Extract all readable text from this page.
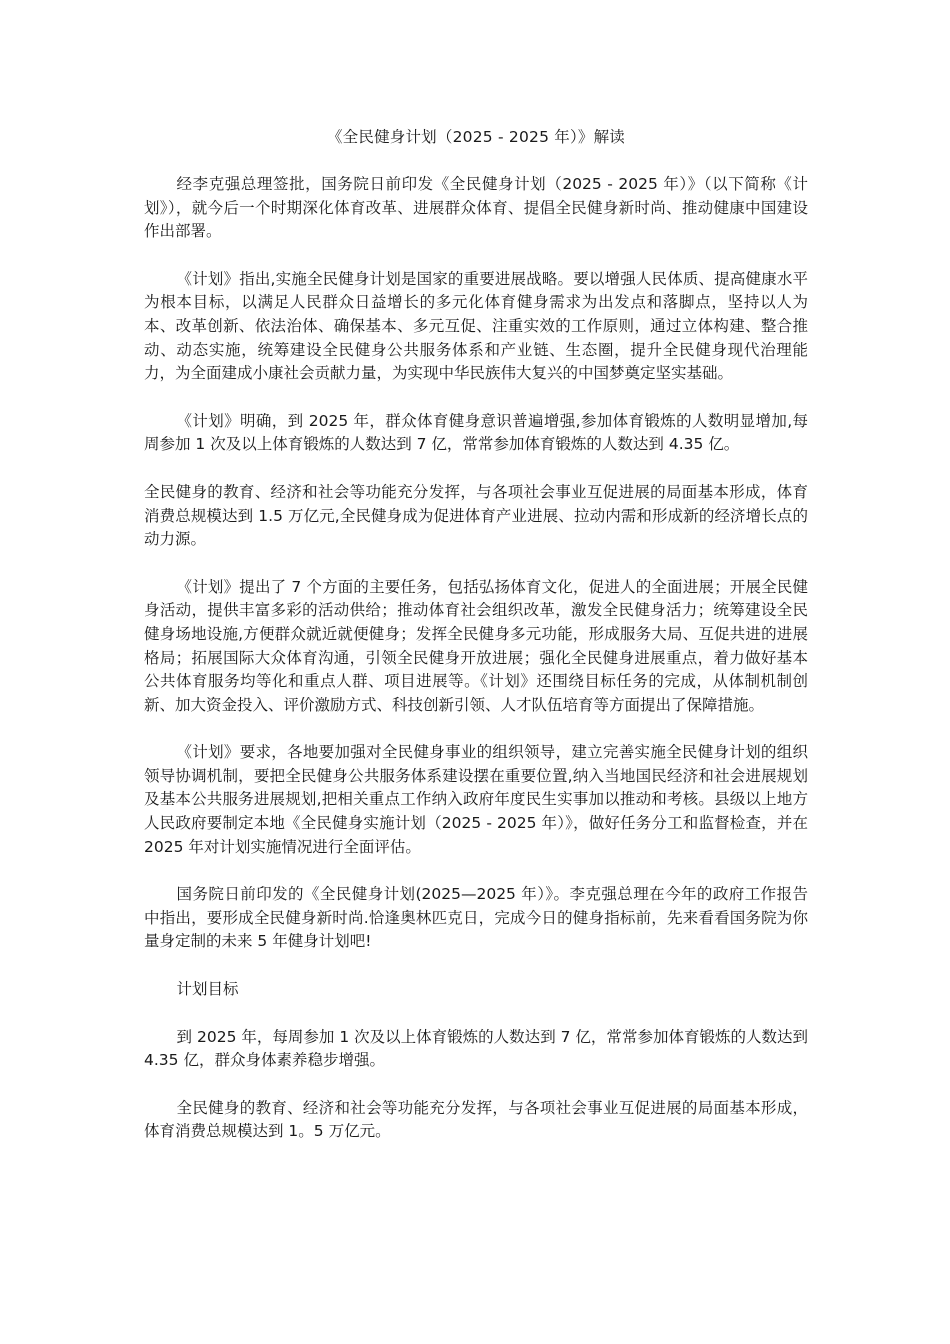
《全民健身计划（2025 - 2025 年）》解读

经李克强总理签批，国务院日前印发《全民健身计划（2025 - 2025 年）》（以下简称《计划》），就今后一个时期深化体育改革、进展群众体育、提倡全民健身新时尚、推动健康中国建设作出部署。

《计划》指出,实施全民健身计划是国家的重要进展战略。要以增强人民体质、提高健康水平为根本目标，以满足人民群众日益增长的多元化体育健身需求为出发点和落脚点，坚持以人为本、改革创新、依法治体、确保基本、多元互促、注重实效的工作原则，通过立体构建、整合推动、动态实施，统筹建设全民健身公共服务体系和产业链、生态圈，提升全民健身现代治理能力，为全面建成小康社会贡献力量，为实现中华民族伟大复兴的中国梦奠定坚实基础。

《计划》明确，到 2025 年，群众体育健身意识普遍增强,参加体育锻炼的人数明显增加,每周参加 1 次及以上体育锻炼的人数达到 7 亿，常常参加体育锻炼的人数达到 4.35 亿。

全民健身的教育、经济和社会等功能充分发挥，与各项社会事业互促进展的局面基本形成，体育消费总规模达到 1.5 万亿元,全民健身成为促进体育产业进展、拉动内需和形成新的经济增长点的动力源。

《计划》提出了 7 个方面的主要任务，包括弘扬体育文化，促进人的全面进展；开展全民健身活动，提供丰富多彩的活动供给；推动体育社会组织改革，激发全民健身活力；统筹建设全民健身场地设施,方便群众就近就便健身；发挥全民健身多元功能，形成服务大局、互促共进的进展格局；拓展国际大众体育沟通，引领全民健身开放进展；强化全民健身进展重点，着力做好基本公共体育服务均等化和重点人群、项目进展等。《计划》还围绕目标任务的完成，从体制机制创新、加大资金投入、评价激励方式、科技创新引领、人才队伍培育等方面提出了保障措施。

《计划》要求，各地要加强对全民健身事业的组织领导，建立完善实施全民健身计划的组织领导协调机制，要把全民健身公共服务体系建设摆在重要位置,纳入当地国民经济和社会进展规划及基本公共服务进展规划,把相关重点工作纳入政府年度民生实事加以推动和考核。县级以上地方人民政府要制定本地《全民健身实施计划（2025 - 2025 年）》，做好任务分工和监督检查，并在 2025 年对计划实施情况进行全面评估。

国务院日前印发的《全民健身计划(2025—2025 年）》。李克强总理在今年的政府工作报告中指出，要形成全民健身新时尚.恰逢奥林匹克日，完成今日的健身指标前，先来看看国务院为你量身定制的未来 5 年健身计划吧!

计划目标

到 2025 年，每周参加 1 次及以上体育锻炼的人数达到 7 亿，常常参加体育锻炼的人数达到 4.35 亿，群众身体素养稳步增强。

全民健身的教育、经济和社会等功能充分发挥，与各项社会事业互促进展的局面基本形成，体育消费总规模达到 1。5 万亿元。
